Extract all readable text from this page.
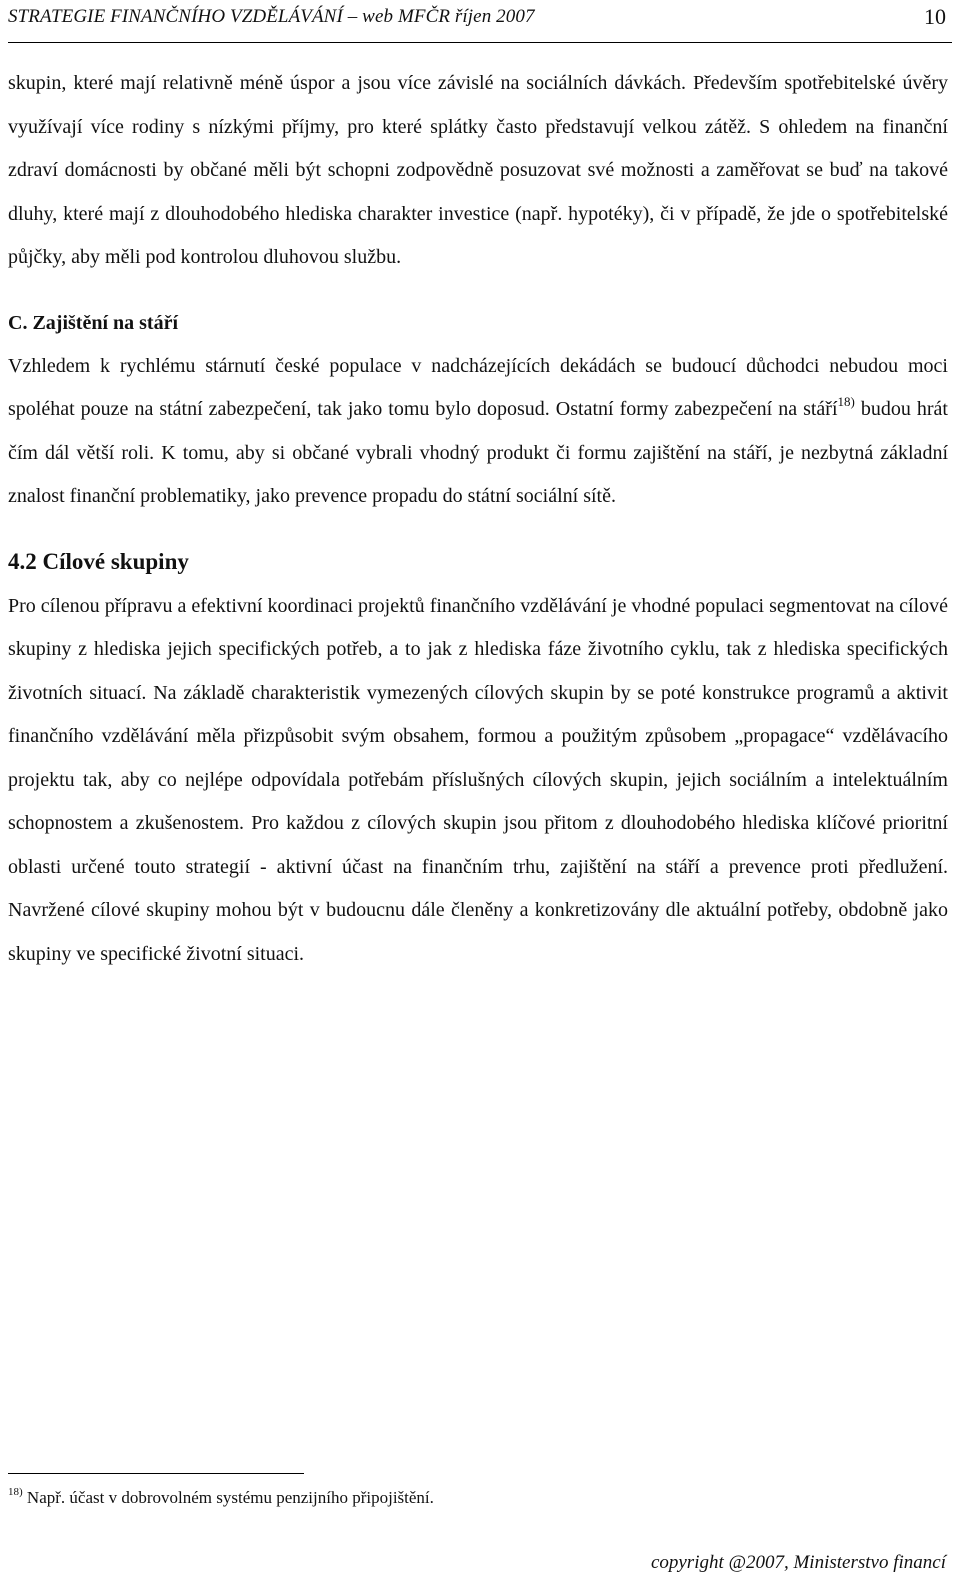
STRATEGIE FINANČNÍHO VZDĚLÁVÁNÍ – web MFČR říjen 2007	10

skupin, které mají relativně méně úspor a jsou více závislé na sociálních dávkách. Především spotřebitelské úvěry využívají více rodiny s nízkými příjmy, pro které splátky často představují velkou zátěž. S ohledem na finanční zdraví domácnosti by občané měli být schopni zodpovědně posuzovat své možnosti a zaměřovat se buď na takové dluhy, které mají z dlouhodobého hlediska charakter investice (např. hypotéky), či v případě, že jde o spotřebitelské půjčky, aby měli pod kontrolou dluhovou službu.

C. Zajištění na stáří

Vzhledem k rychlému stárnutí české populace v nadcházejících dekádách se budoucí důchodci nebudou moci spoléhat pouze na státní zabezpečení, tak jako tomu bylo doposud. Ostatní formy zabezpečení na stáří$^{18)}$ budou hrát čím dál větší roli. K tomu, aby si občané vybrali vhodný produkt či formu zajištění na stáří, je nezbytná základní znalost finanční problematiky, jako prevence propadu do státní sociální sítě.

4.2 Cílové skupiny

Pro cílenou přípravu a efektivní koordinaci projektů finančního vzdělávání je vhodné populaci segmentovat na cílové skupiny z hlediska jejich specifických potřeb, a to jak z hlediska fáze životního cyklu, tak z hlediska specifických životních situací. Na základě charakteristik vymezených cílových skupin by se poté konstrukce programů a aktivit finančního vzdělávání měla přizpůsobit svým obsahem, formou a použitým způsobem „propagace“ vzdělávacího projektu tak, aby co nejlépe odpovídala potřebám příslušných cílových skupin, jejich sociálním a intelektuálním schopnostem a zkušenostem. Pro každou z cílových skupin jsou přitom z dlouhodobého hlediska klíčové prioritní oblasti určené touto strategií - aktivní účast na finančním trhu, zajištění na stáří a prevence proti předlužení. Navržené cílové skupiny mohou být v budoucnu dále členěny a konkretizovány dle aktuální potřeby, obdobně jako skupiny ve specifické životní situaci.

$^{18)}$ Např. účast v dobrovolném systému penzijního připojištění.
copyright @2007, Ministerstvo financí
